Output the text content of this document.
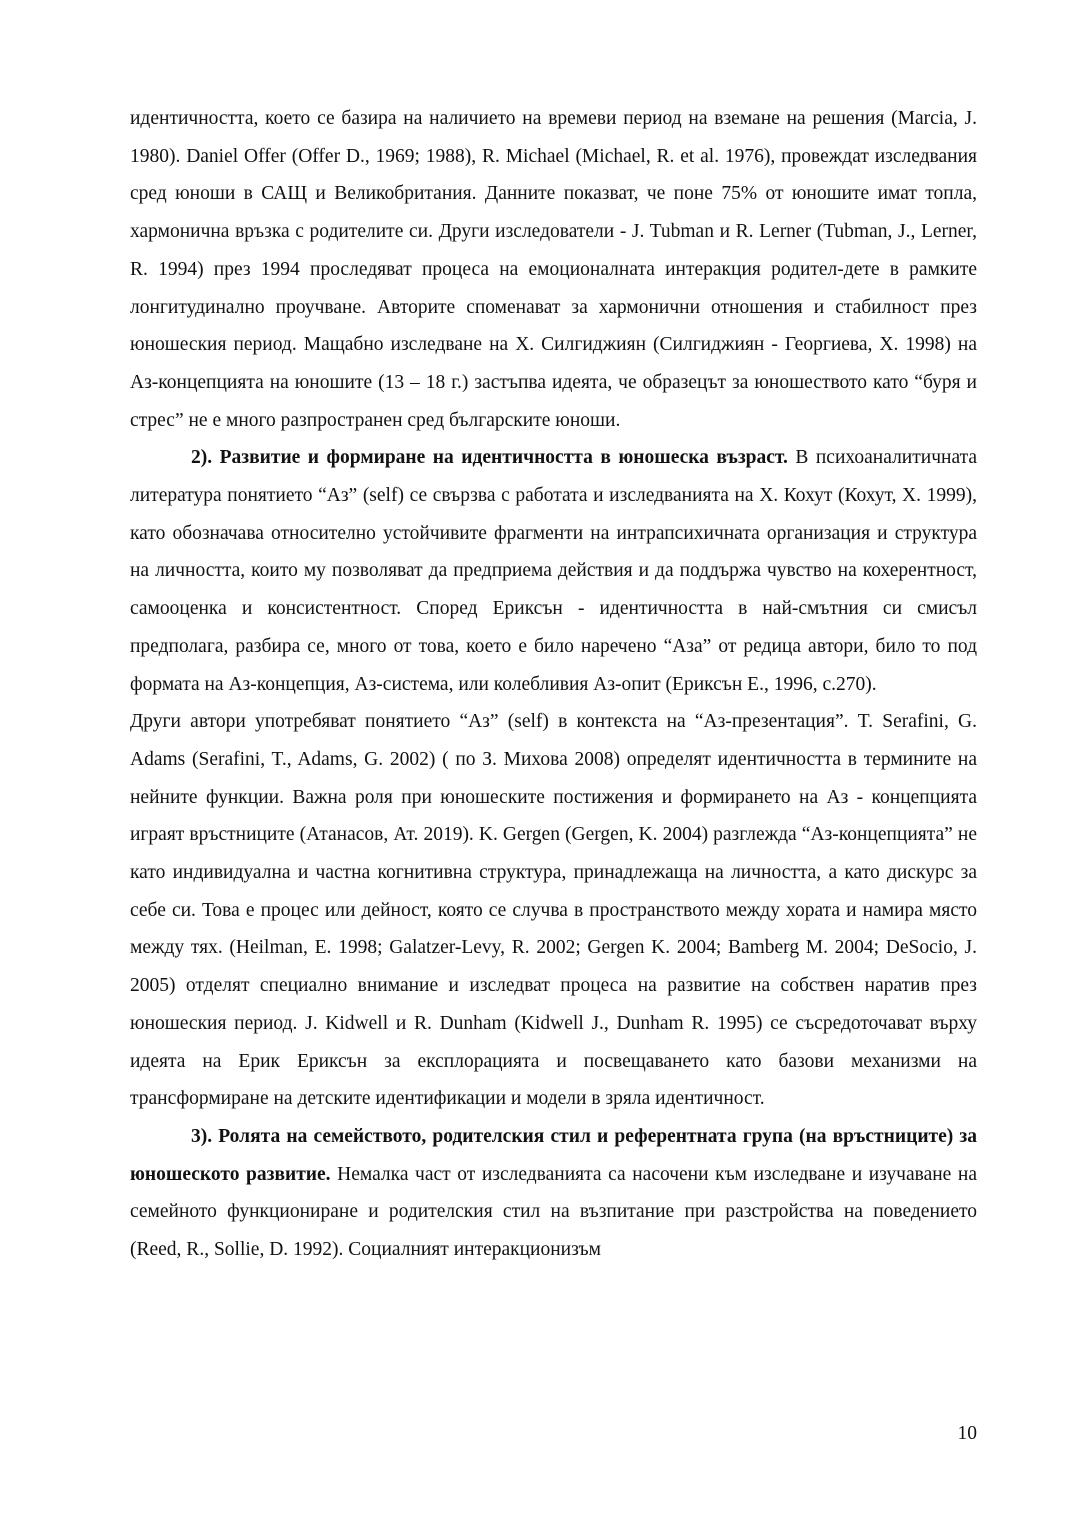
идентичността, което се базира на наличието на времеви период на вземане на решения (Marcia, J. 1980). Daniel Offer (Offer D., 1969; 1988), R. Michael (Michael, R. et al. 1976), провеждат изследвания сред юноши в САЩ и Великобритания. Данните показват, че поне 75% от юношите имат топла, хармонична връзка с родителите си. Други изследователи - J. Tubman и R. Lerner (Tubman, J., Lerner, R. 1994) през 1994 проследяват процеса на емоционалната интеракция родител-дете в рамките лонгитудинално проучване. Авторите споменават за хармонични отношения и стабилност през юношеския период. Мащабно изследване на Х. Силгиджиян (Силгиджиян - Георгиева, Х. 1998) на Аз-концепцията на юношите (13 – 18 г.) застъпва идеята, че образецът за юношеството като “буря и стрес” не е много разпространен сред българските юноши.

2). Развитие и формиране на идентичността в юношеска възраст. В психоаналитичната литература понятието “Аз” (self) се свързва с работата и изследванията на Х. Кохут (Кохут, Х. 1999), като обозначава относително устойчивите фрагменти на интрапсихичната организация и структура на личността, които му позволяват да предприема действия и да поддържа чувство на кохерентност, самооценка и консистентност. Според Ериксън - идентичността в най-смътния си смисъл предполага, разбира се, много от това, което е било наречено “Аза” от редица автори, било то под формата на Аз-концепция, Аз-система, или колебливия Аз-опит (Ериксън Е., 1996, с.270).

Други автори употребяват понятието “Аз” (self) в контекста на “Аз-презентация”. T. Serafini, G. Adams (Serafini, T., Adams, G. 2002) ( по З. Михова 2008) определят идентичността в термините на нейните функции. Важна роля при юношеските постижения и формирането на Аз - концепцията играят връстниците (Атанасов, Ат. 2019). K. Gergen (Gergen, K. 2004) разглежда “Аз-концепцията” не като индивидуална и частна когнитивна структура, принадлежаща на личността, а като дискурс за себе си. Това е процес или дейност, която се случва в пространството между хората и намира място между тях. (Heilman, E. 1998; Galatzer-Levy, R. 2002; Gergen K. 2004; Bamberg M. 2004; DeSocio, J. 2005) отделят специално внимание и изследват процеса на развитие на собствен наратив през юношеския период. J. Kidwell и R. Dunham (Kidwell J., Dunham R. 1995) се съсредоточават върху идеята на Ерик Ериксън за експлорацията и посвещаването като базови механизми на трансформиране на детските идентификации и модели в зряла идентичност.

3). Ролята на семейството, родителския стил и референтната група (на връстниците) за юношеското развитие. Немалка част от изследванията са насочени към изследване и изучаване на семейното функциониране и родителския стил на възпитание при разстройства на поведението (Reed, R., Sollie, D. 1992). Социалният интеракционизъм

10
